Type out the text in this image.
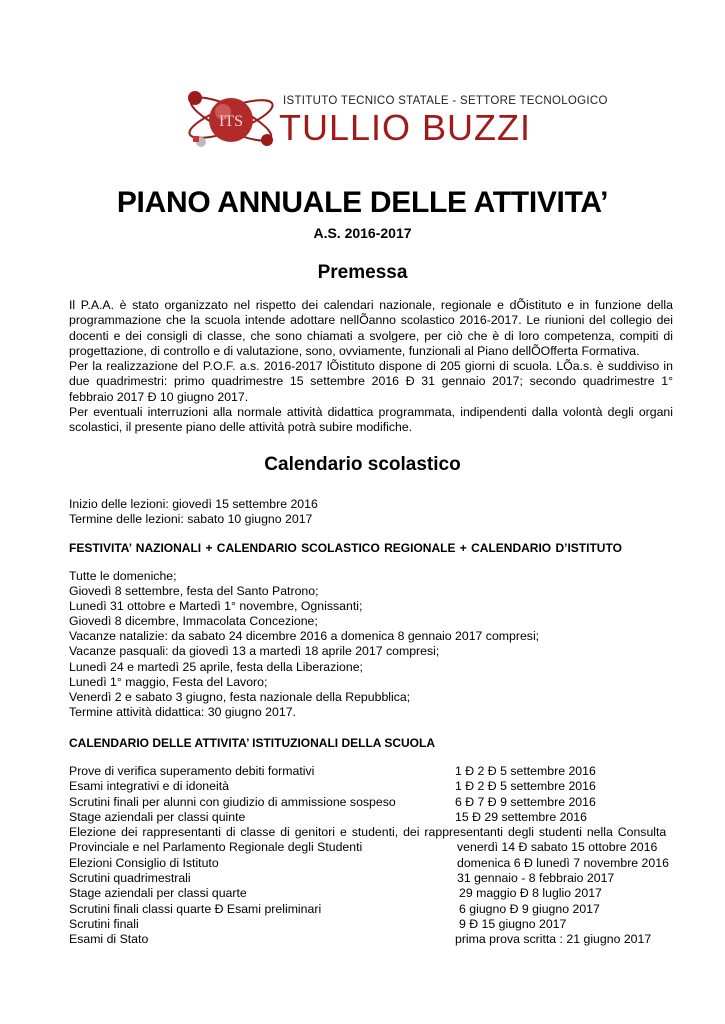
ITS
ISTITUTO TECNICO STATALE - SETTORE TECNOLOGICO
TULLIO BUZZI
PIANO ANNUALE DELLE ATTIVITA’
A.S. 2016-2017
Premessa

Il P.A.A. è stato organizzato nel rispetto dei calendari nazionale, regionale e dÕistituto e in funzione della programmazione che la scuola intende adottare nellÕanno scolastico 2016-2017. Le riunioni del collegio dei docenti e dei consigli di classe, che sono chiamati a svolgere, per ciò che è di loro competenza, compiti di progettazione, di controllo e di valutazione, sono, ovviamente, funzionali al Piano dellÕOfferta Formativa.

Per la realizzazione del P.O.F. a.s. 2016-2017 lÕistituto dispone di 205 giorni di scuola. LÕa.s. è suddiviso in due quadrimestri: primo quadrimestre 15 settembre 2016 Ð 31 gennaio 2017; secondo quadrimestre 1° febbraio 2017 Ð 10 giugno 2017.

Per eventuali interruzioni alla normale attività didattica programmata, indipendenti dalla volontà degli organi scolastici, il presente piano delle attività potrà subire modifiche.

Calendario scolastico
Inizio delle lezioni: giovedì 15 settembre 2016
Termine delle lezioni: sabato 10 giugno 2017
FESTIVITA’ NAZIONALI + CALENDARIO SCOLASTICO REGIONALE + CALENDARIO D’ISTITUTO
Tutte le domeniche;
Giovedì 8 settembre, festa del Santo Patrono;
Lunedì 31 ottobre e Martedì 1° novembre, Ognissanti;
Giovedì 8 dicembre, Immacolata Concezione;
Vacanze natalizie: da sabato 24 dicembre 2016 a domenica 8 gennaio 2017 compresi;
Vacanze pasquali: da giovedì 13 a martedì 18 aprile 2017 compresi;
Lunedì 24 e martedì 25 aprile, festa della Liberazione;
Lunedì 1° maggio, Festa del Lavoro;
Venerdì 2 e sabato 3 giugno, festa nazionale della Repubblica;
Termine attività didattica: 30 giugno 2017.
CALENDARIO DELLE ATTIVITA’ ISTITUZIONALI DELLA SCUOLA
Prove di verifica superamento debiti formativi	1 Ð 2 Ð 5 settembre 2016
Esami integrativi e di idoneità	1 Ð 2 Ð 5 settembre 2016
Scrutini finali per alunni con giudizio di ammissione sospeso	6 Ð 7 Ð 9 settembre 2016
Stage aziendali per classi quinte	15 Ð 29 settembre 2016
Elezione dei rappresentanti di classe di genitori e studenti, dei rappresentanti degli studenti nella Consulta
Provinciale e nel Parlamento Regionale degli Studenti	venerdì 14 Ð sabato 15 ottobre 2016
Elezioni Consiglio di Istituto	domenica 6 Ð lunedì 7 novembre 2016
Scrutini quadrimestrali	31 gennaio - 8 febbraio 2017
Stage aziendali per classi quarte	29 maggio Ð 8 luglio 2017
Scrutini finali classi quarte Ð Esami preliminari	6 giugno Ð 9 giugno 2017
Scrutini finali	9 Ð 15 giugno 2017
Esami di Stato	prima prova scritta : 21 giugno 2017
